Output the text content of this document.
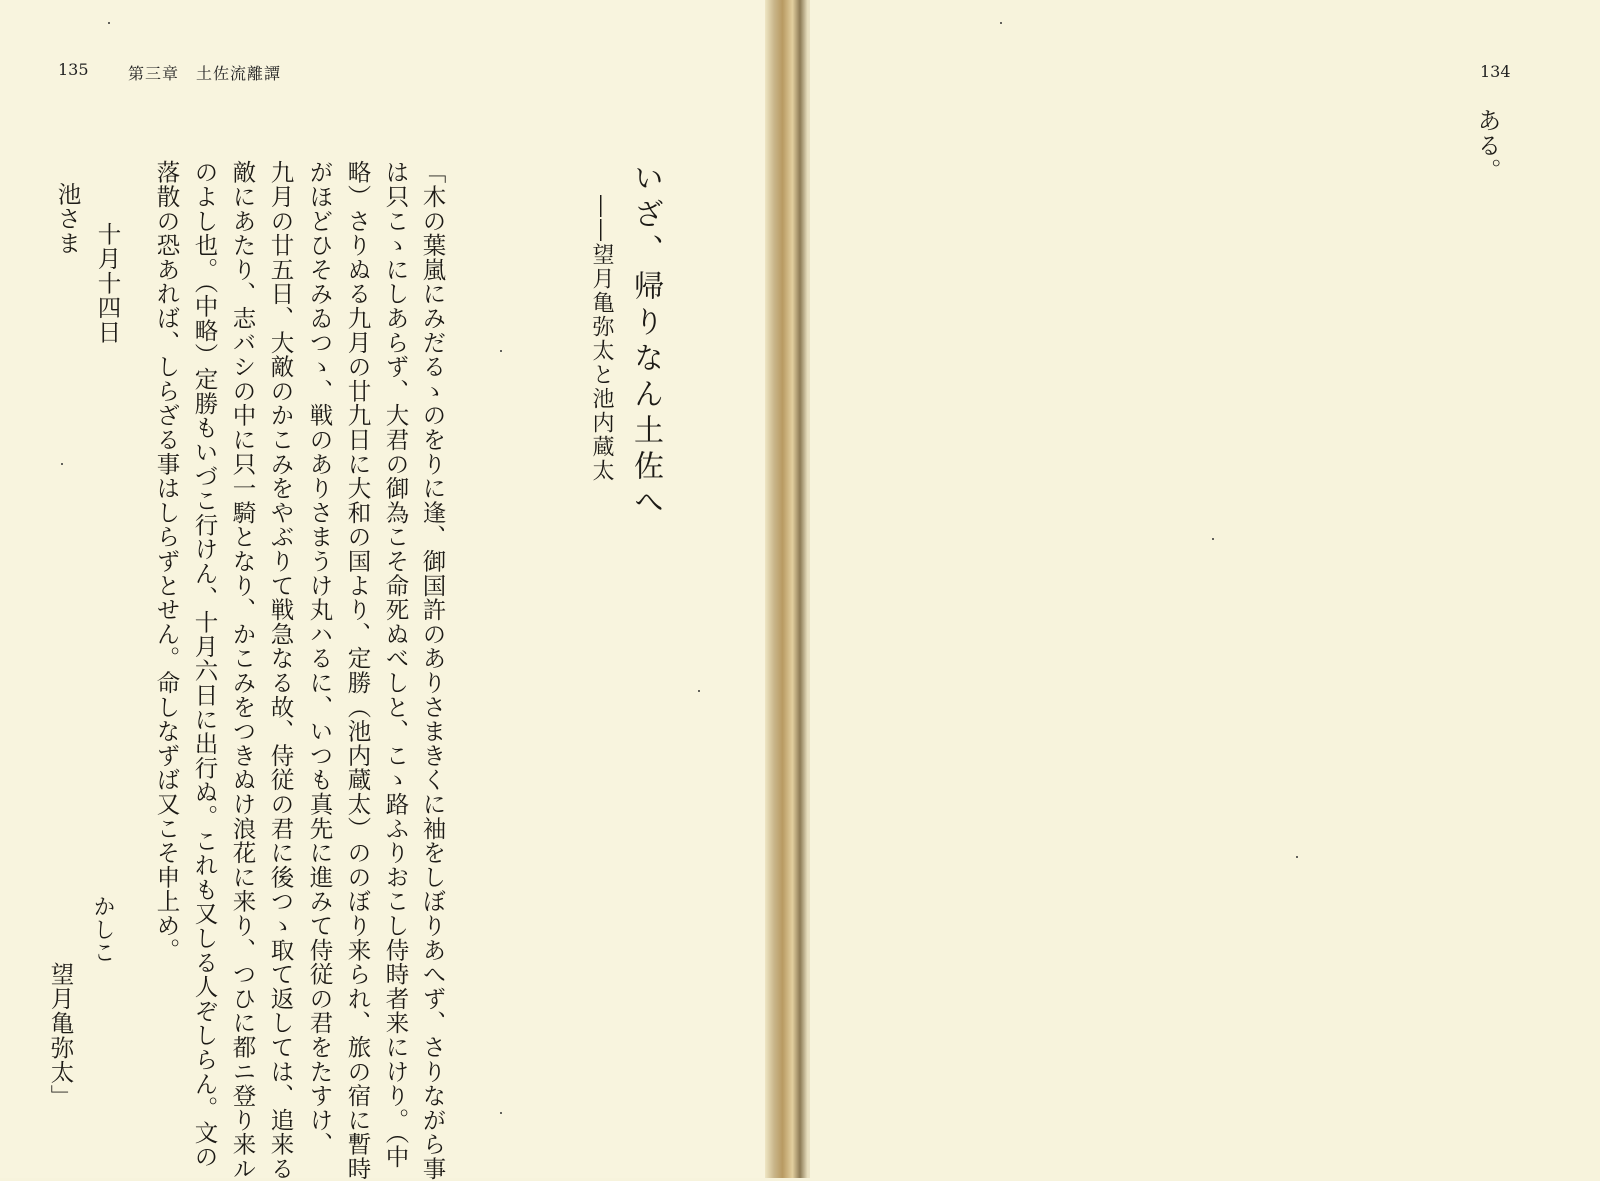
135 第三章　土佐流離譚
いざ、帰りなん土佐へ
――望月亀弥太と池内蔵太
「木の葉嵐にみだるゝのをりに逢、御国許のありさまきくに袖をしぼりあへず、さりながら事
は只こゝにしあらず、大君の御為こそ命死ぬべしと、こゝ路ふりおこし侍時者来にけり。（中
略）さりぬる九月の廿九日に大和の国より、定勝（池内蔵太）ののぼり来られ、旅の宿に暫時
がほどひそみゐつゝ、戦のありさまうけ丸ハるに、いつも真先に進みて侍従の君をたすけ、
九月の廿五日、大敵のかこみをやぶりて戦急なる故、侍従の君に後つゝ取て返しては、追来る
敵にあたり、志バシの中に只一騎となり、かこみをつきぬけ浪花に来り、つひに都ニ登り来ル
のよし也。（中略）定勝もいづこ行けん、十月六日に出行ぬ。これも又しる人ぞしらん。文の
落散の恐あれば、しらざる事はしらずとせん。命しなずば又こそ申上め。
十月十四日
かしこ
池さま
望月亀弥太」
134
ある。
